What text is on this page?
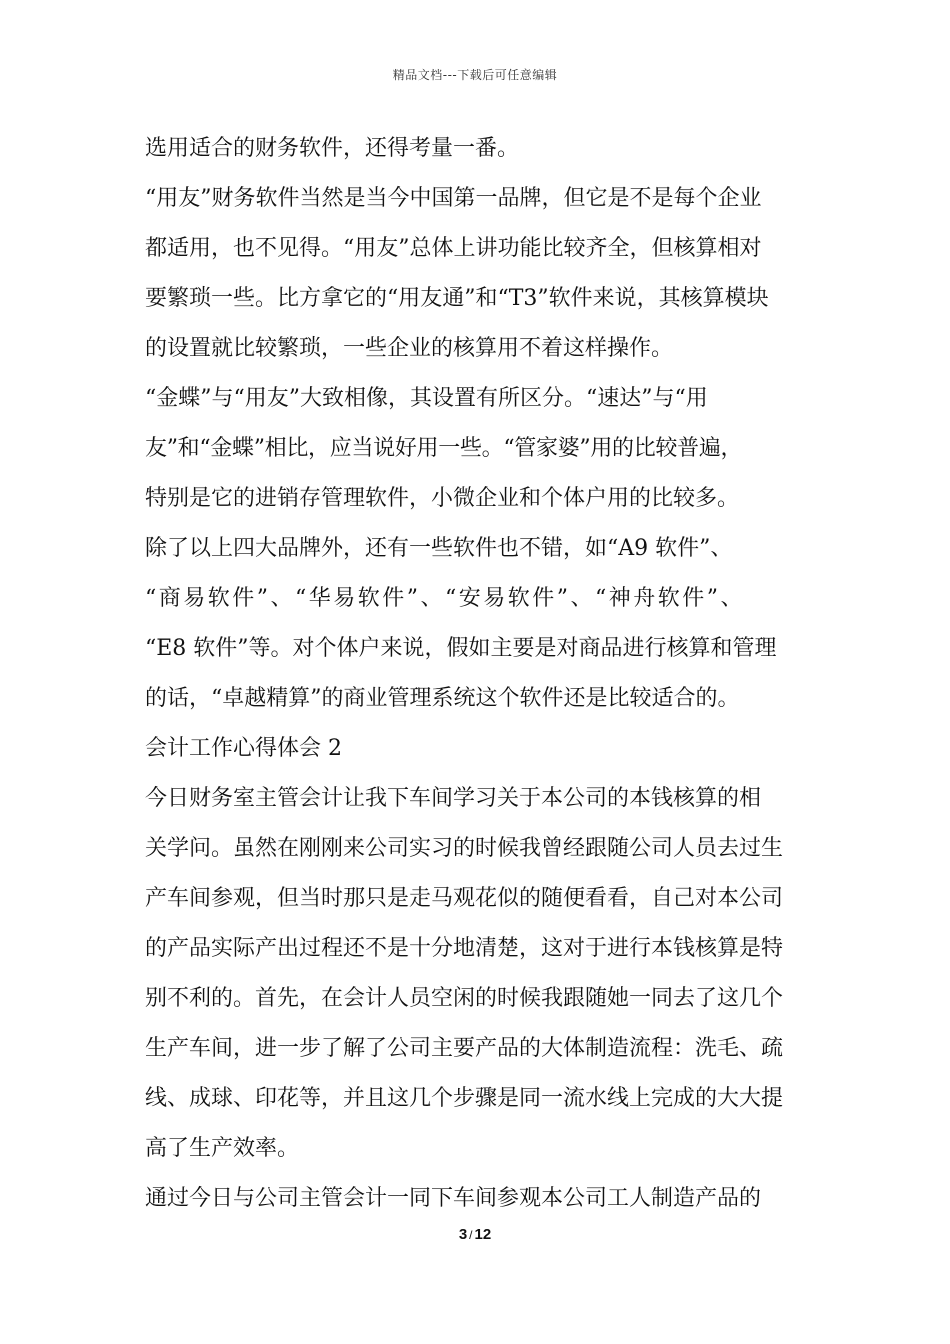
精品文档---下载后可任意编辑
选用适合的财务软件，还得考量一番。
“用友”财务软件当然是当今中国第一品牌，但它是不是每个企业
都适用，也不见得。“用友”总体上讲功能比较齐全，但核算相对
要繁琐一些。比方拿它的“用友通”和“T3”软件来说，其核算模块
的设置就比较繁琐，一些企业的核算用不着这样操作。
“金蝶”与“用友”大致相像，其设置有所区分。“速达”与“用
友”和“金蝶”相比，应当说好用一些。“管家婆”用的比较普遍，
特别是它的进销存管理软件，小微企业和个体户用的比较多。
除了以上四大品牌外，还有一些软件也不错，如“A9 软件”、
“商易软件”、“华易软件”、“安易软件”、“神舟软件”、
“E8 软件”等。对个体户来说，假如主要是对商品进行核算和管理
的话，“卓越精算”的商业管理系统这个软件还是比较适合的。
会计工作心得体会 2
今日财务室主管会计让我下车间学习关于本公司的本钱核算的相
关学问。虽然在刚刚来公司实习的时候我曾经跟随公司人员去过生
产车间参观，但当时那只是走马观花似的随便看看，自己对本公司
的产品实际产出过程还不是十分地清楚，这对于进行本钱核算是特
别不利的。首先，在会计人员空闲的时候我跟随她一同去了这几个
生产车间，进一步了解了公司主要产品的大体制造流程：洗毛、疏
线、成球、印花等，并且这几个步骤是同一流水线上完成的大大提
高了生产效率。
通过今日与公司主管会计一同下车间参观本公司工人制造产品的
3 / 12
